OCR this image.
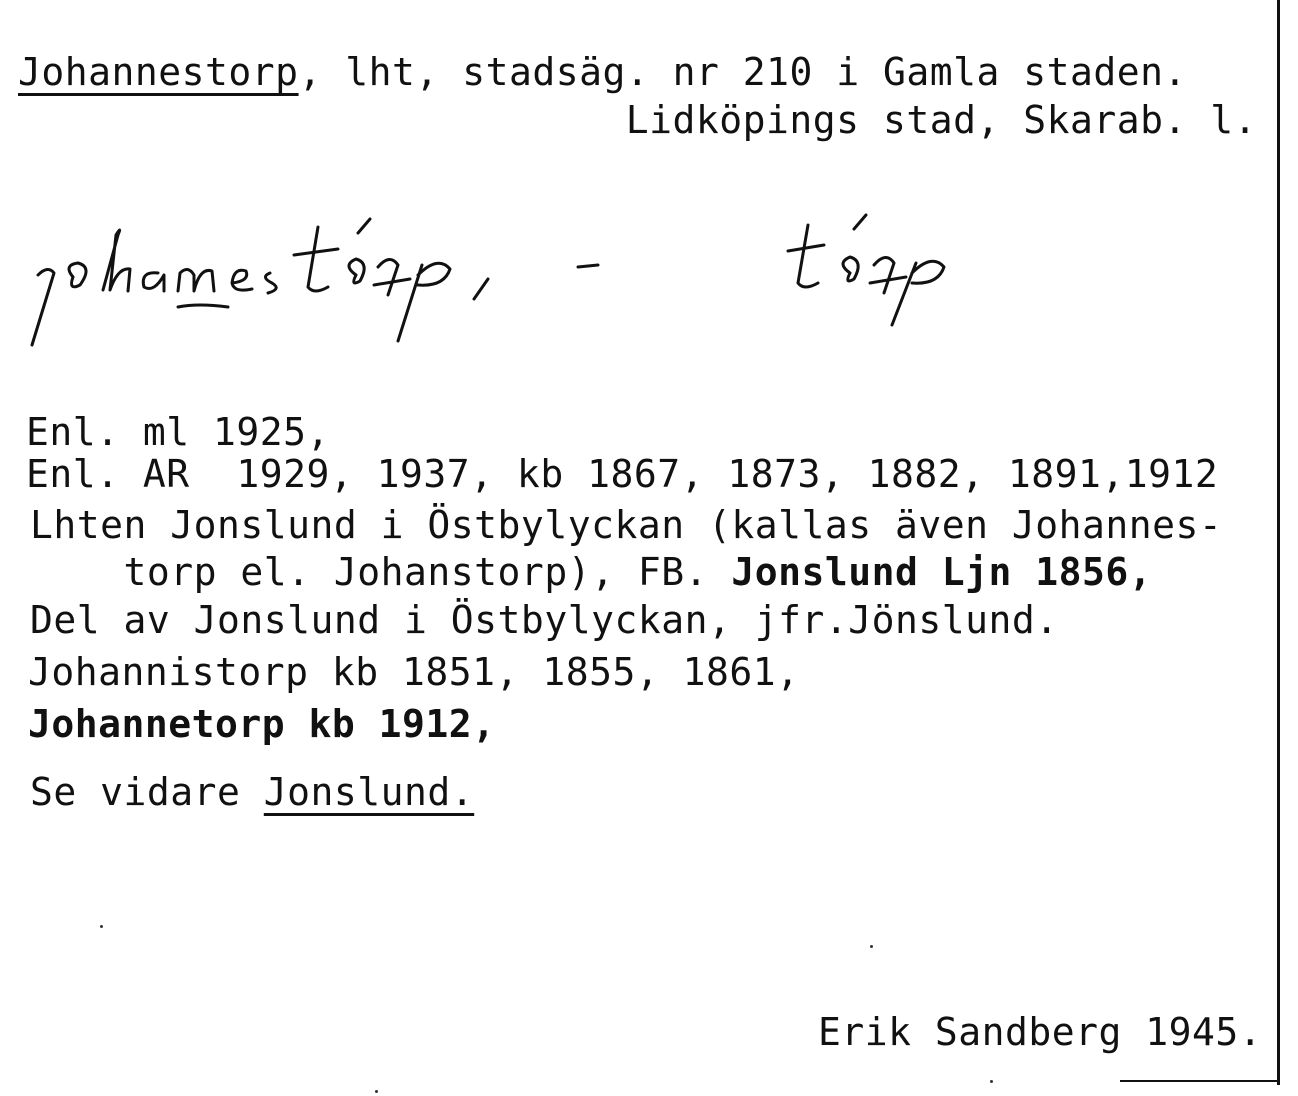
Johannestorp, lht, stadsäg. nr 210 i Gamla staden.
Lidköpings stad, Skarab. l.
Enl. ml 1925,
Enl. AR  1929, 1937, kb 1867, 1873, 1882, 1891,1912
Lhten Jonslund i Östbylyckan (kallas även Johannes-
torp el. Johanstorp), FB. Jonslund Ljn 1856,
Del av Jonslund i Östbylyckan, jfr.Jönslund.
Johannistorp kb 1851, 1855, 1861,
Johannetorp kb 1912,
Se vidare Jonslund.
Erik Sandberg 1945.
